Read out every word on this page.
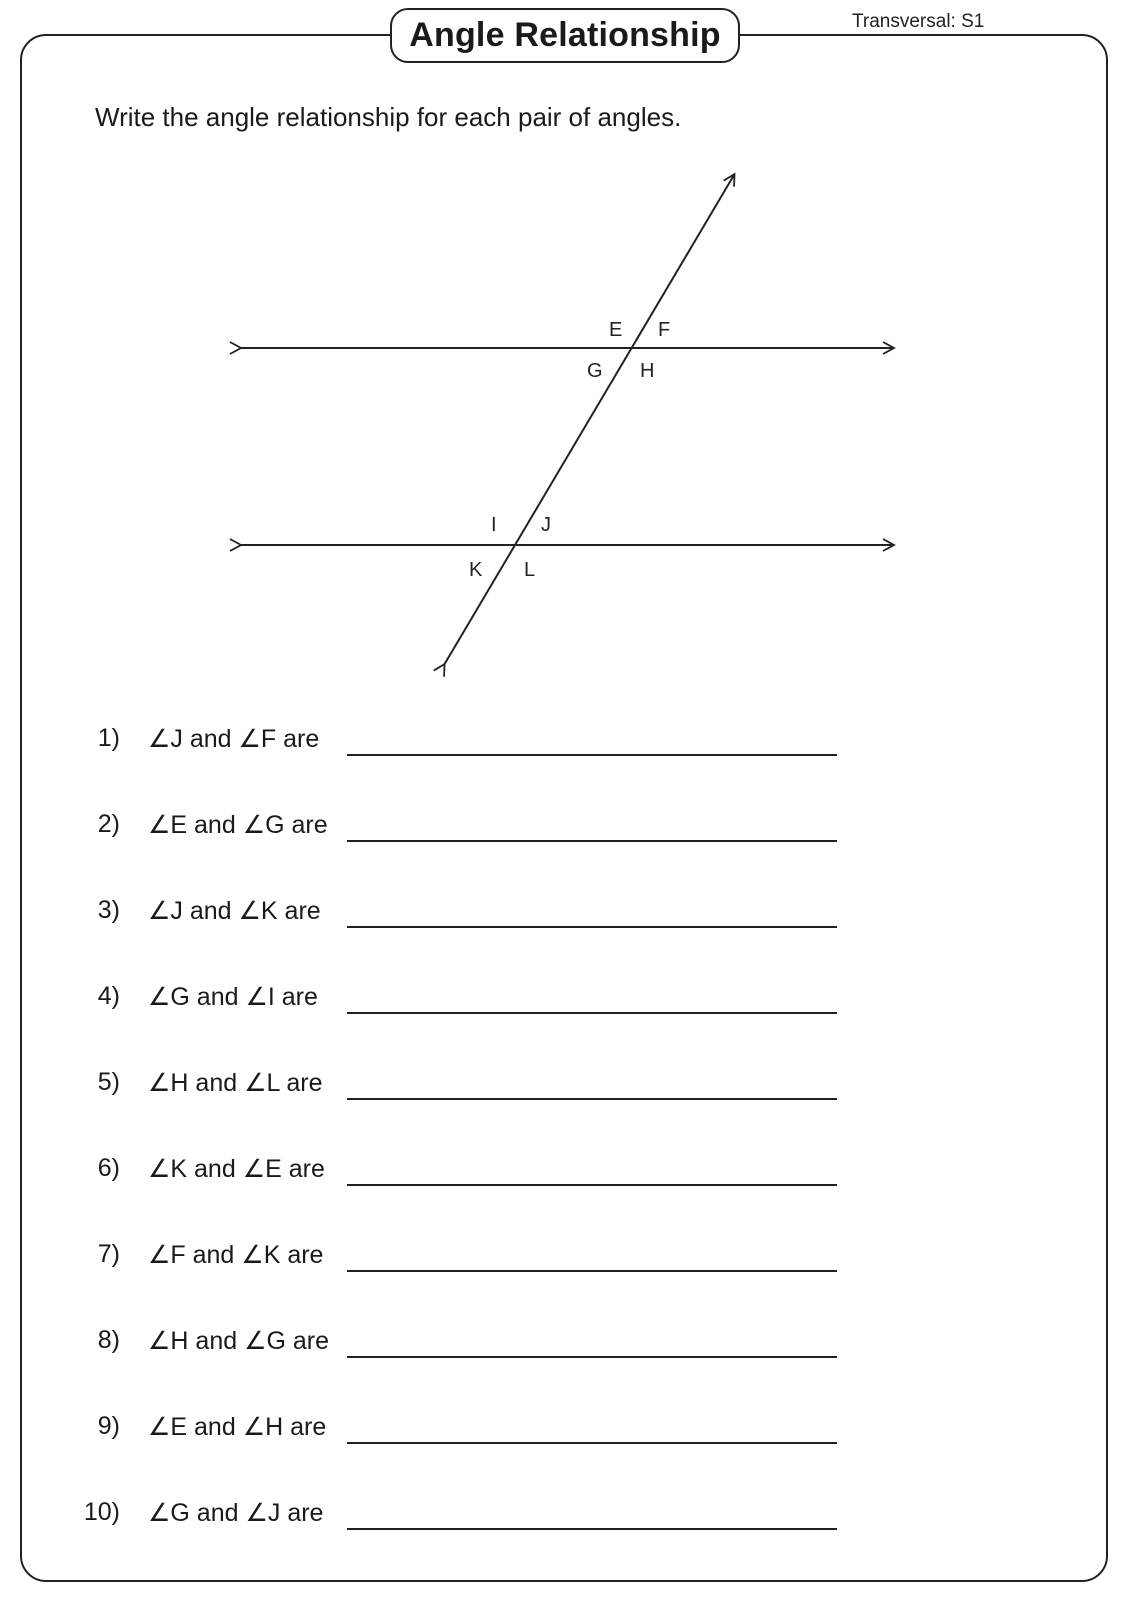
Angle Relationship	Transversal: S1
Write the angle relationship for each pair of angles.
E F
G H
I J
K L
1) ∠J and ∠F are
2) ∠E and ∠G are
3) ∠J and ∠K are
4) ∠G and ∠I are
5) ∠H and ∠L are
6) ∠K and ∠E are
7) ∠F and ∠K are
8) ∠H and ∠G are
9) ∠E and ∠H are
10) ∠G and ∠J are
